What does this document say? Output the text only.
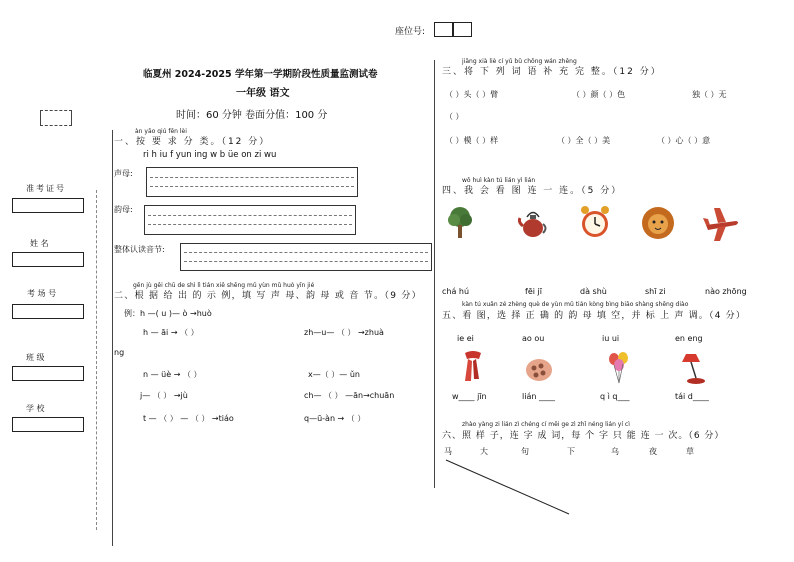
座位号:
准考证号
姓 名
考 场 号
班 级
学 校
临夏州 2024-2025 学年第一学期阶段性质量监测试卷
一年级 语文
时间：60 分钟 卷面分值：100 分
àn yāo qiú fēn lèi
一、按 要 求 分 类。（12 分）
ri h iu f yun ing w b üe on zi wu
声母:
韵母:
整体认读音节:
gēn jù gěi chū de shì lì tián xiě shēng mǔ yùn mǔ huò yīn jié
二、根 据 给 出 的 示 例，填 写 声 母、韵 母 或 音 节。（9 分）
例：h —( u )— ò →huò
h — āi → （ ）	zh—u— （ ） →zhuà
ng
n — üè → （ ）	x—（ ）— ǔn
j— （ ） →jù	ch— （ ） —ān→chuān
t — （ ） — （ ） →tiáo	q—ū-àn → （ ）
jiāng xià liè cí yǔ bǔ chōng wán zhěng
三、将 下 列 词 语 补 充 完 整。（12 分）
（ ）头（ ）臂	（ ）颜（ ）色	独（ ）无
（ ）
（ ）模（ ）样	（ ）全（ ）美	（ ）心（ ）意
wǒ huì kàn tú lián yì lián
四、我 会 看 图 连 一 连。（5 分）
chá hú	fēi jī	dà shù	shī zi	nào zhōng
kàn tú xuǎn zé zhèng què de yùn mǔ tián kòng bìng biāo shàng shēng diào
五、看 图，选 择 正 确 的 韵 母 填 空，并 标 上 声 调。（4 分）
ie ei	ao ou	iu ui	en eng
w____ jīn	lián ____	q ì q___	tái d____
zhào yàng zi lián zì chéng cí měi ge zì zhǐ néng lián yí cì
六、照 样 子，连 字 成 词，每 个 字 只 能 连 一 次。（6 分）
马	大	句	下	乌	夜	草
